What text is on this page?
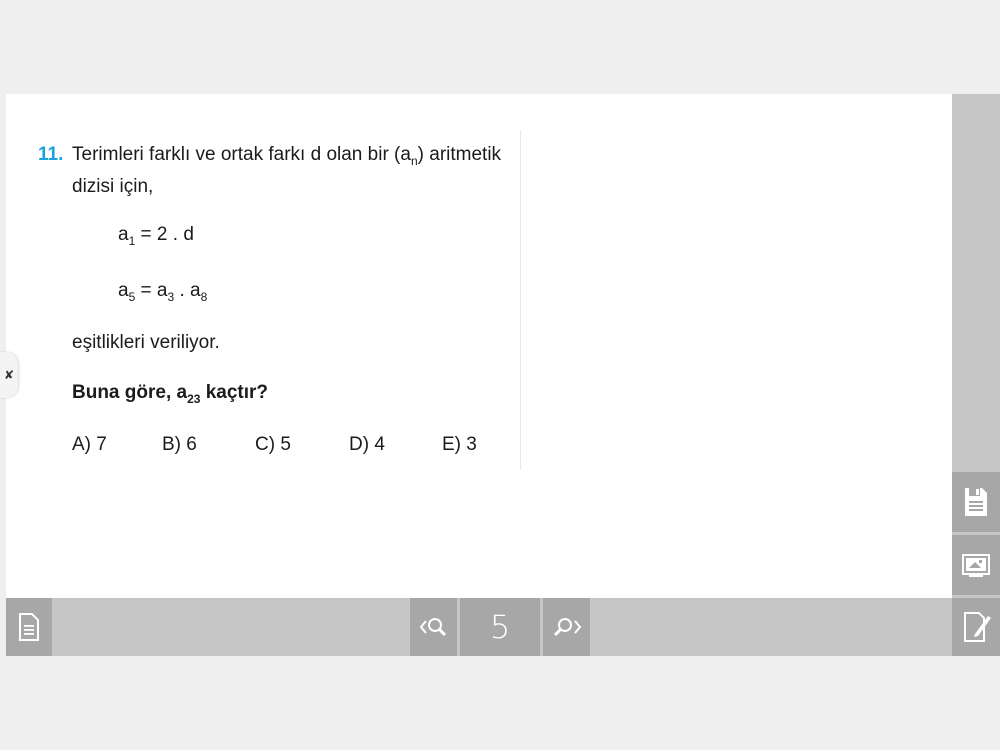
11. Terimleri farklı ve ortak farkı d olan bir $(a_n)$ aritmetik
dizisi için,
$a_1 = 2$ . d
$a_5 = a_3$ . $a_8$
eşitlikleri veriliyor.
Buna göre, $a_{23}$ kaçtır?
A) 7	B) 6	C) 5	D) 4	E) 3
✘
5
